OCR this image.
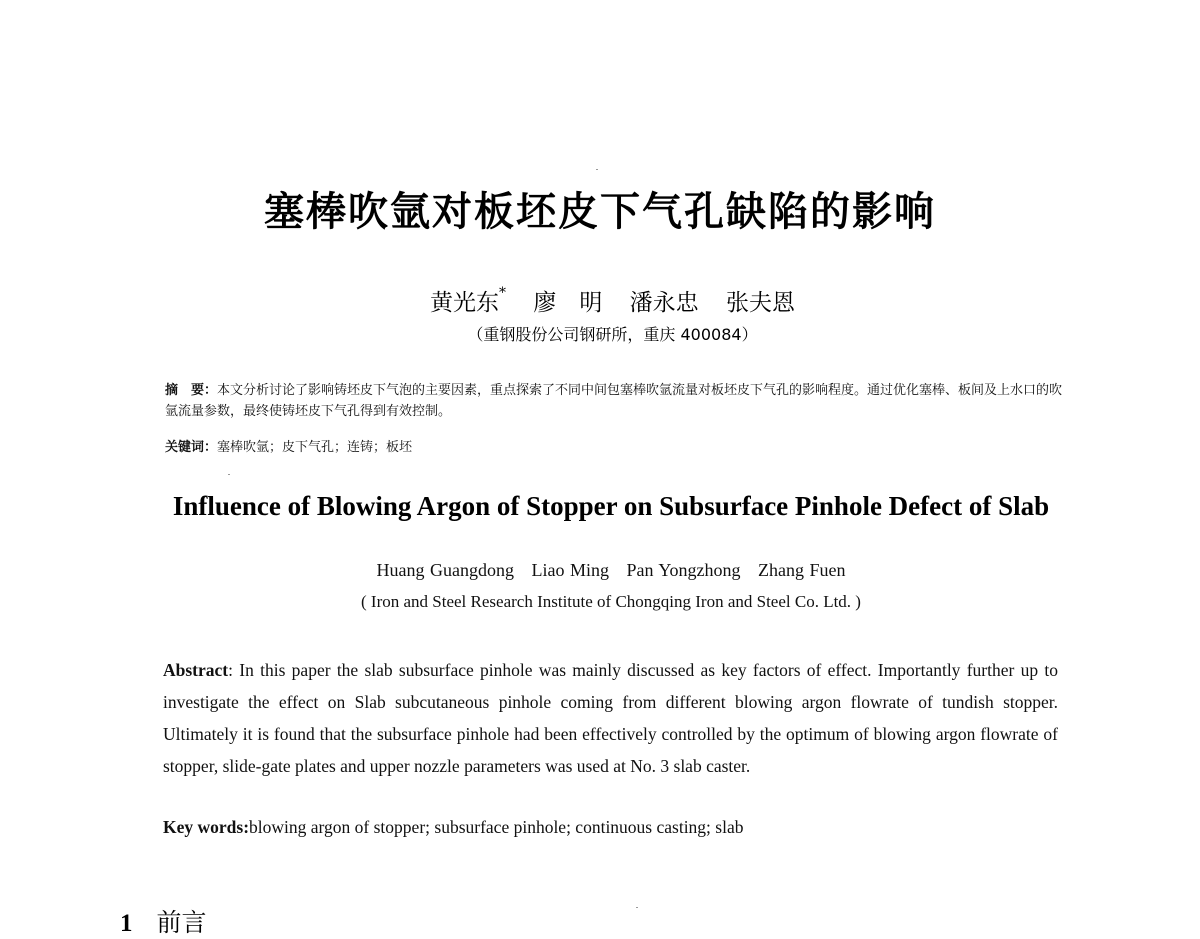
塞棒吹氩对板坯皮下气孔缺陷的影响
黄光东* 廖　明 潘永忠 张夫恩
（重钢股份公司钢研所，重庆 400084）
摘　要：本文分析讨论了影响铸坯皮下气泡的主要因素，重点探索了不同中间包塞棒吹氩流量对板坯皮下气孔的影响程度。通过优化塞棒、板间及上水口的吹氩流量参数，最终使铸坯皮下气孔得到有效控制。
关键词：塞棒吹氩；皮下气孔；连铸；板坯
Influence of Blowing Argon of Stopper on Subsurface Pinhole Defect of Slab
Huang Guangdong Liao Ming Pan Yongzhong Zhang Fuen
( Iron and Steel Research Institute of Chongqing Iron and Steel Co. Ltd. )
Abstract: In this paper the slab subsurface pinhole was mainly discussed as key factors of effect. Importantly further up to investigate the effect on Slab subcutaneous pinhole coming from different blowing argon flowrate of tundish stopper. Ultimately it is found that the subsurface pinhole had been effectively controlled by the optimum of blowing argon flowrate of stopper, slide-gate plates and upper nozzle parameters was used at No. 3 slab caster.
Key words:blowing argon of stopper; subsurface pinhole; continuous casting; slab
1 前言
